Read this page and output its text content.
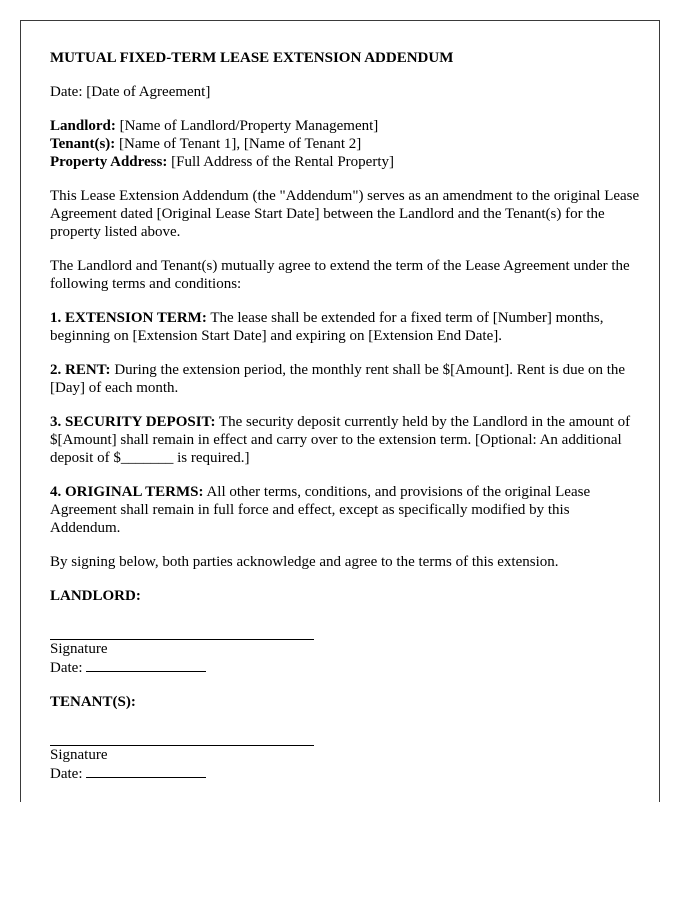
MUTUAL FIXED-TERM LEASE EXTENSION ADDENDUM

Date: [Date of Agreement]

Landlord: [Name of Landlord/Property Management]
Tenant(s): [Name of Tenant 1], [Name of Tenant 2]
Property Address: [Full Address of the Rental Property]

This Lease Extension Addendum (the "Addendum") serves as an amendment to the original Lease Agreement dated [Original Lease Start Date] between the Landlord and the Tenant(s) for the property listed above.

The Landlord and Tenant(s) mutually agree to extend the term of the Lease Agreement under the following terms and conditions:

1. EXTENSION TERM: The lease shall be extended for a fixed term of [Number] months, beginning on [Extension Start Date] and expiring on [Extension End Date].

2. RENT: During the extension period, the monthly rent shall be $[Amount]. Rent is due on the [Day] of each month.

3. SECURITY DEPOSIT: The security deposit currently held by the Landlord in the amount of $[Amount] shall remain in effect and carry over to the extension term. [Optional: An additional deposit of $_______ is required.]

4. ORIGINAL TERMS: All other terms, conditions, and provisions of the original Lease Agreement shall remain in full force and effect, except as specifically modified by this Addendum.

By signing below, both parties acknowledge and agree to the terms of this extension.

LANDLORD:
Signature
Date:
TENANT(S):
Signature
Date:
